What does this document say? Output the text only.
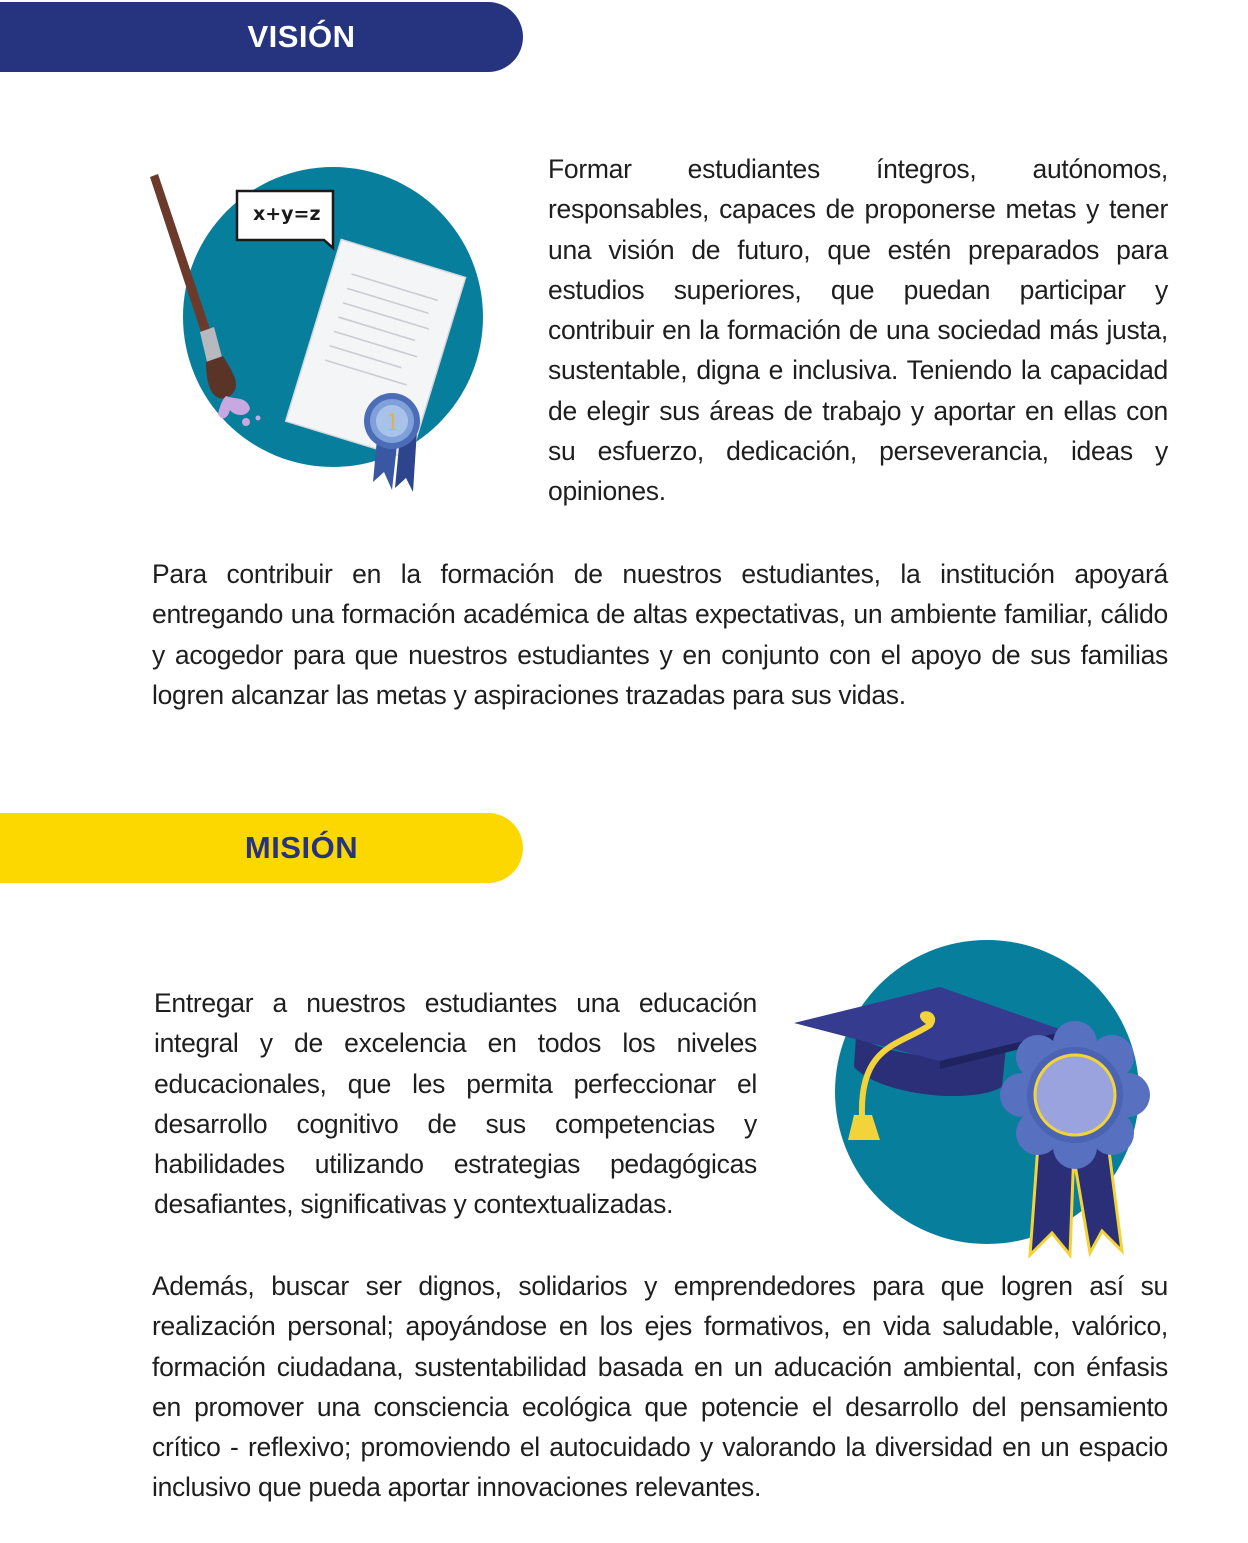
VISIÓN
x+y=z
1

Formar estudiantes íntegros, autónomos, responsables, capaces de proponerse metas y tener una visión de futuro, que estén preparados para estudios superiores, que puedan participar y contribuir en la formación de una sociedad más justa, sustentable, digna e inclusiva. Teniendo la capacidad de elegir sus áreas de trabajo y aportar en ellas con su esfuerzo, dedicación, perseverancia, ideas y opiniones.

Para contribuir en la formación de nuestros estudiantes, la institución apoyará entregando una formación académica de altas expectativas, un ambiente familiar, cálido y acogedor para que nuestros estudiantes y en conjunto con el apoyo de sus familias logren alcanzar las metas y aspiraciones trazadas para sus vidas.

MISIÓN

Entregar a nuestros estudiantes una educación integral y de excelencia en todos los niveles educacionales, que les permita perfeccionar el desarrollo cognitivo de sus competencias y habilidades utilizando estrategias pedagógicas desafiantes, significativas y contextualizadas.

Además, buscar ser dignos, solidarios y emprendedores para que logren así su realización personal; apoyándose en los ejes formativos, en vida saludable, valórico, formación ciudadana, sustentabilidad basada en un aducación ambiental, con énfasis en promover una consciencia ecológica que potencie el desarrollo del pensamiento crítico - reflexivo; promoviendo el autocuidado y valorando la diversidad en un espacio inclusivo que pueda aportar innovaciones relevantes.
